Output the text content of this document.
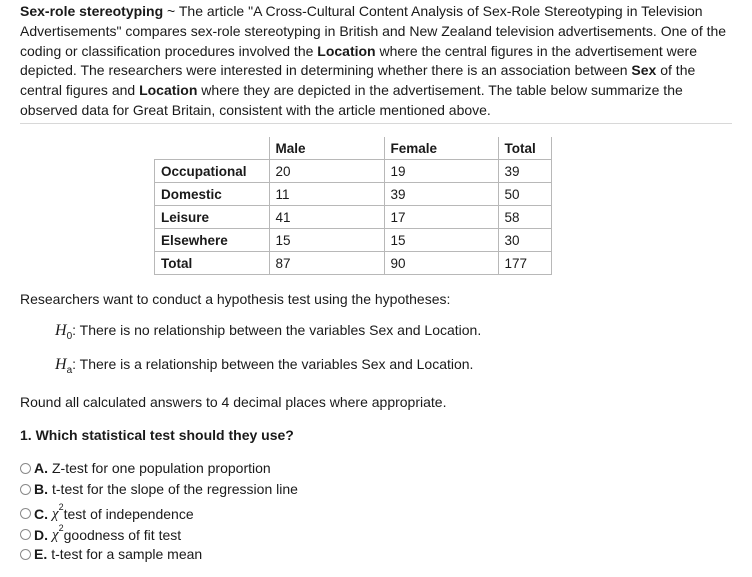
Sex-role stereotyping ~ The article "A Cross-Cultural Content Analysis of Sex-Role Stereotyping in Television Advertisements" compares sex-role stereotyping in British and New Zealand television advertisements. One of the coding or classification procedures involved the Location where the central figures in the advertisement were depicted. The researchers were interested in determining whether there is an association between Sex of the central figures and Location where they are depicted in the advertisement. The table below summarize the observed data for Great Britain, consistent with the article mentioned above.

	Male	Female	Total
Occupational	20	19	39
Domestic	11	39	50
Leisure	41	17	58
Elsewhere	15	15	30
Total	87	90	177

Researchers want to conduct a hypothesis test using the hypotheses:

$H_0$: There is no relationship between the variables Sex and Location.

$H_a$: There is a relationship between the variables Sex and Location.

Round all calculated answers to 4 decimal places where appropriate.

1. Which statistical test should they use?

A. Z-test for one population proportion
B. t-test for the slope of the regression line
C. $\chi^2$ test of independence
D. $\chi^2$ goodness of fit test
E. t-test for a sample mean
